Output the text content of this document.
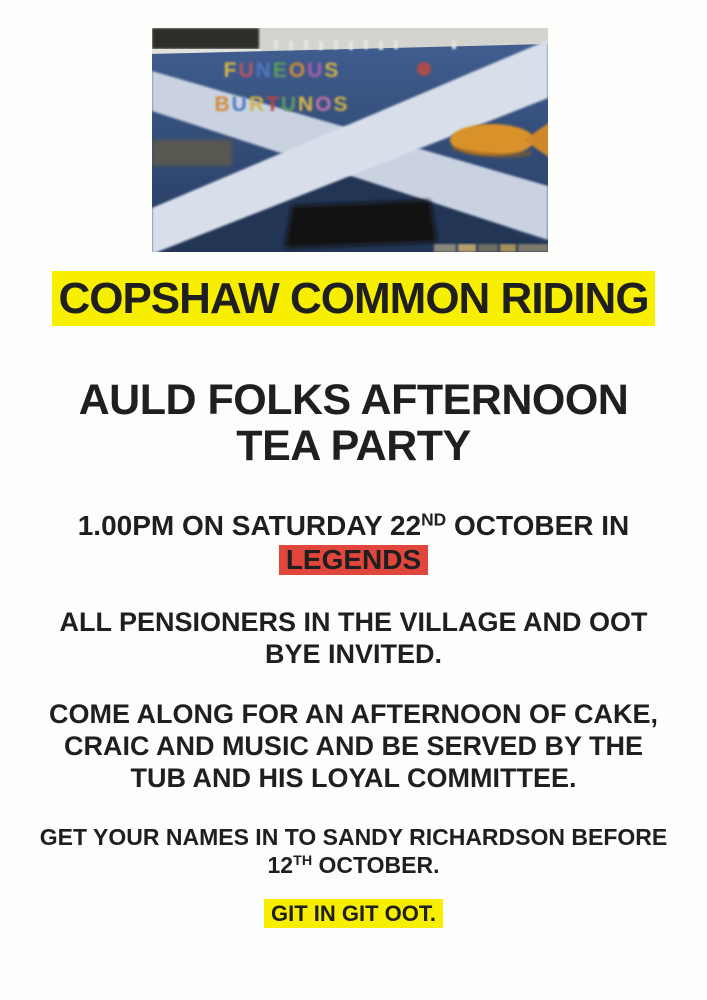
FUNEOUS
BURTUNOS
COPSHAW COMMON RIDING
AULD FOLKS AFTERNOON
TEA PARTY
1.00PM ON SATURDAY 22ND OCTOBER IN
LEGENDS
ALL PENSIONERS IN THE VILLAGE AND OOT
BYE INVITED.
COME ALONG FOR AN AFTERNOON OF CAKE,
CRAIC AND MUSIC AND BE SERVED BY THE
TUB AND HIS LOYAL COMMITTEE.
GET YOUR NAMES IN TO SANDY RICHARDSON BEFORE
12TH OCTOBER.
GIT IN GIT OOT.
